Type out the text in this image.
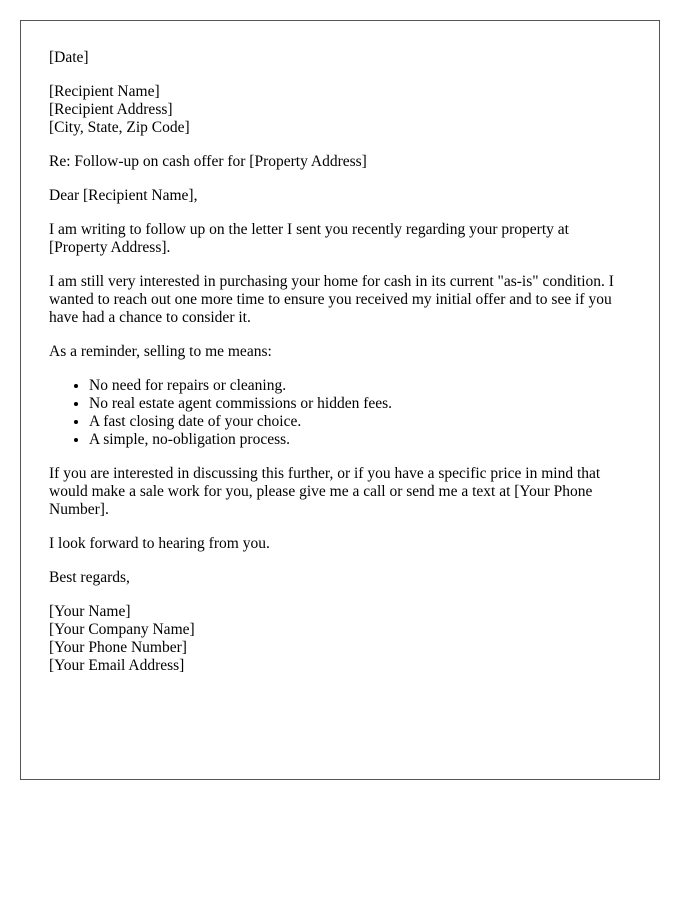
[Date]

[Recipient Name]
[Recipient Address]
[City, State, Zip Code]

Re: Follow-up on cash offer for [Property Address]

Dear [Recipient Name],

I am writing to follow up on the letter I sent you recently regarding your property at [Property Address].

I am still very interested in purchasing your home for cash in its current "as-is" condition. I wanted to reach out one more time to ensure you received my initial offer and to see if you have had a chance to consider it.

As a reminder, selling to me means:

• No need for repairs or cleaning.
• No real estate agent commissions or hidden fees.
• A fast closing date of your choice.
• A simple, no-obligation process.

If you are interested in discussing this further, or if you have a specific price in mind that would make a sale work for you, please give me a call or send me a text at [Your Phone Number].

I look forward to hearing from you.

Best regards,

[Your Name]
[Your Company Name]
[Your Phone Number]
[Your Email Address]
